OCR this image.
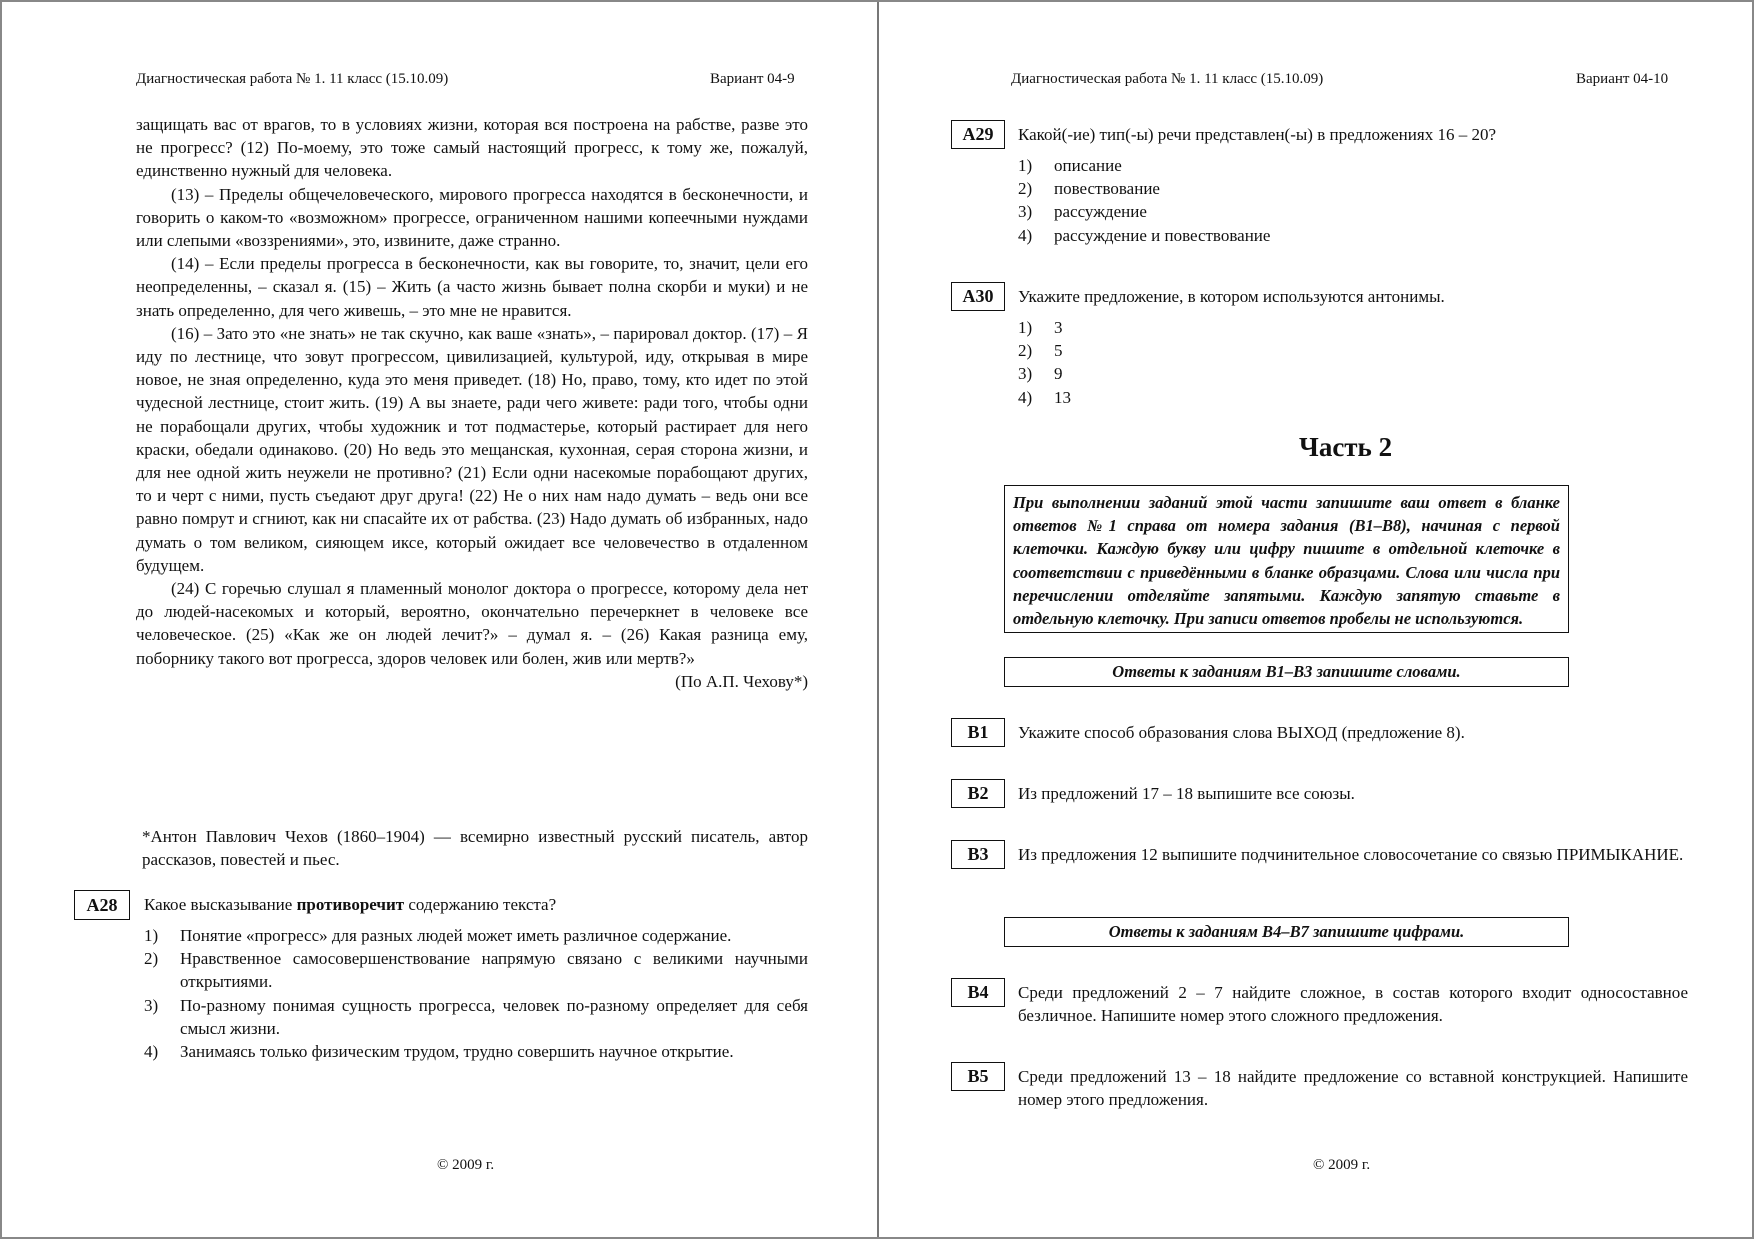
Диагностическая работа № 1. 11 класс (15.10.09)	Вариант 04-9

защищать вас от врагов, то в условиях жизни, которая вся построена на рабстве, разве это не прогресс? (12) По-моему, это тоже самый настоящий прогресс, к тому же, пожалуй, единственно нужный для человека.

(13) – Пределы общечеловеческого, мирового прогресса находятся в бесконечности, и говорить о каком-то «возможном» прогрессе, ограниченном нашими копеечными нуждами или слепыми «воззрениями», это, извините, даже странно.

(14) – Если пределы прогресса в бесконечности, как вы говорите, то, значит, цели его неопределенны, – сказал я. (15) – Жить (а часто жизнь бывает полна скорби и муки) и не знать определенно, для чего живешь, – это мне не нравится.

(16) – Зато это «не знать» не так скучно, как ваше «знать», – парировал доктор. (17) – Я иду по лестнице, что зовут прогрессом, цивилизацией, культурой, иду, открывая в мире новое, не зная определенно, куда это меня приведет. (18) Но, право, тому, кто идет по этой чудесной лестнице, стоит жить. (19) А вы знаете, ради чего живете: ради того, чтобы одни не порабощали других, чтобы художник и тот подмастерье, который растирает для него краски, обедали одинаково. (20) Но ведь это мещанская, кухонная, серая сторона жизни, и для нее одной жить неужели не противно? (21) Если одни насекомые порабощают других, то и черт с ними, пусть съедают друг друга! (22) Не о них нам надо думать – ведь они все равно помрут и сгниют, как ни спасайте их от рабства. (23) Надо думать об избранных, надо думать о том великом, сияющем иксе, который ожидает все человечество в отдаленном будущем.

(24) С горечью слушал я пламенный монолог доктора о прогрессе, которому дела нет до людей-насекомых и который, вероятно, окончательно перечеркнет в человеке все человеческое. (25) «Как же он людей лечит?» – думал я. – (26) Какая разница ему, поборнику такого вот прогресса, здоров человек или болен, жив или мертв?»

(По А.П. Чехову*)

*Антон Павлович Чехов (1860–1904) — всемирно известный русский писатель, автор рассказов, повестей и пьес.
А28	Какое высказывание противоречит содержанию текста?
1)	Понятие «прогресс» для разных людей может иметь различное содержание.
2)	Нравственное самосовершенствование напрямую связано с великими научными открытиями.
3)	По-разному понимая сущность прогресса, человек по-разному определяет для себя смысл жизни.
4)	Занимаясь только физическим трудом, трудно совершить научное открытие.
© 2009 г.
Диагностическая работа № 1. 11 класс (15.10.09)	Вариант 04-10
А29	Какой(-ие) тип(-ы) речи представлен(-ы) в предложениях 16 – 20?
1)	описание
2)	повествование
3)	рассуждение
4)	рассуждение и повествование
А30	Укажите предложение, в котором используются антонимы.
1)	3
2)	5
3)	9
4)	13
Часть 2
При выполнении заданий этой части запишите ваш ответ в бланке ответов №1 справа от номера задания (В1–В8), начиная с первой клеточки. Каждую букву или цифру пишите в отдельной клеточке в соответствии с приведёнными в бланке образцами. Слова или числа при перечислении отделяйте запятыми. Каждую запятую ставьте в отдельную клеточку. При записи ответов пробелы не используются.
Ответы к заданиям В1–В3 запишите словами.
В1	Укажите способ образования слова ВЫХОД (предложение 8).
В2	Из предложений 17 – 18 выпишите все союзы.
В3	Из предложения 12 выпишите подчинительное словосочетание со связью ПРИМЫКАНИЕ.
Ответы к заданиям В4–В7 запишите цифрами.
В4	Среди предложений 2 – 7 найдите сложное, в состав которого входит односоставное безличное. Напишите номер этого сложного предложения.
В5	Среди предложений 13 – 18 найдите предложение со вставной конструкцией. Напишите номер этого предложения.
© 2009 г.
